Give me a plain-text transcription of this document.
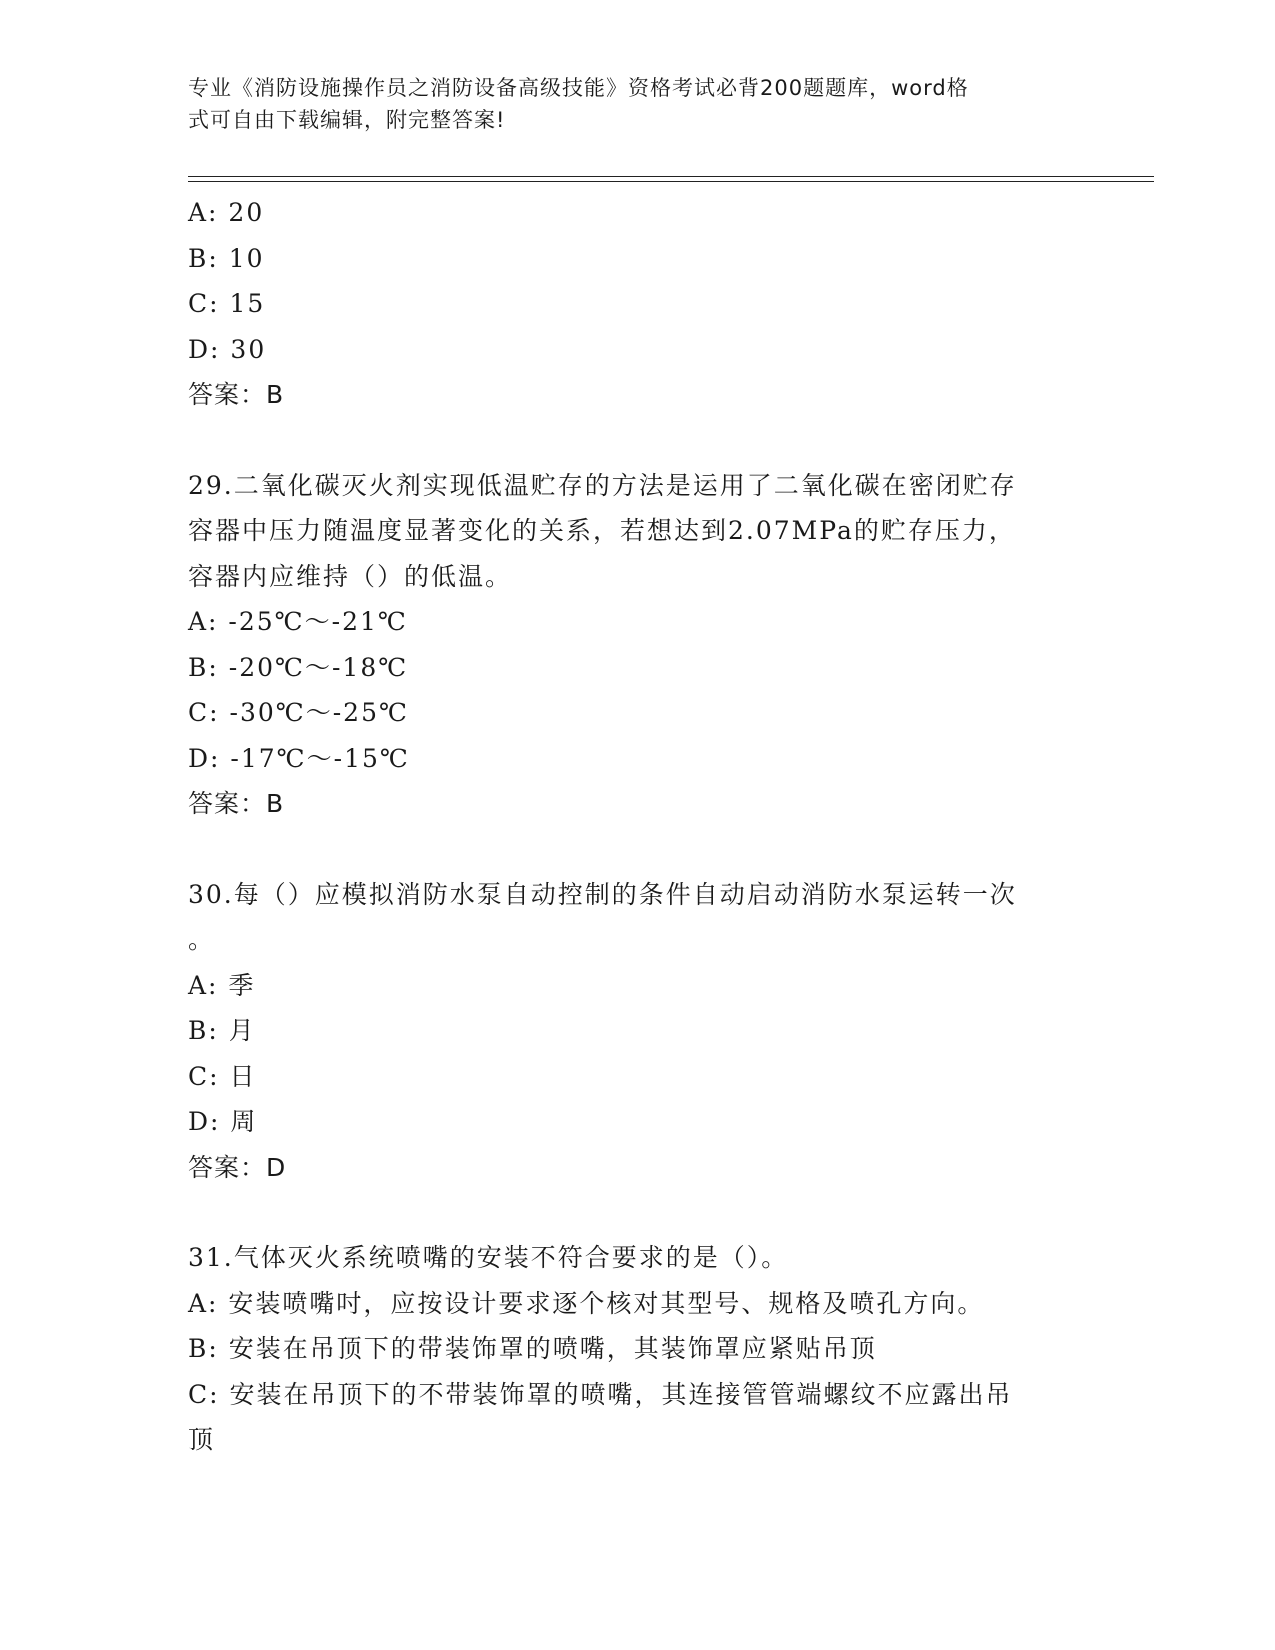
专业《消防设施操作员之消防设备高级技能》资格考试必背200题题库，word格
式可自由下载编辑，附完整答案!
A: 20
B: 10
C: 15
D: 30
答案：B
29.二氧化碳灭火剂实现低温贮存的方法是运用了二氧化碳在密闭贮存
容器中压力随温度显著变化的关系，若想达到2.07MPa的贮存压力，
容器内应维持（）的低温。
A: -25℃～-21℃
B: -20℃～-18℃
C: -30℃～-25℃
D: -17℃～-15℃
答案：B
30.每（）应模拟消防水泵自动控制的条件自动启动消防水泵运转一次
。
A: 季
B: 月
C: 日
D: 周
答案：D
31.气体灭火系统喷嘴的安装不符合要求的是（）。
A: 安装喷嘴吋，应按设计要求逐个核对其型号、规格及喷孔方向。
B: 安装在吊顶下的带装饰罩的喷嘴，其装饰罩应紧贴吊顶
C: 安装在吊顶下的不带装饰罩的喷嘴，其连接管管端螺纹不应露出吊
顶
